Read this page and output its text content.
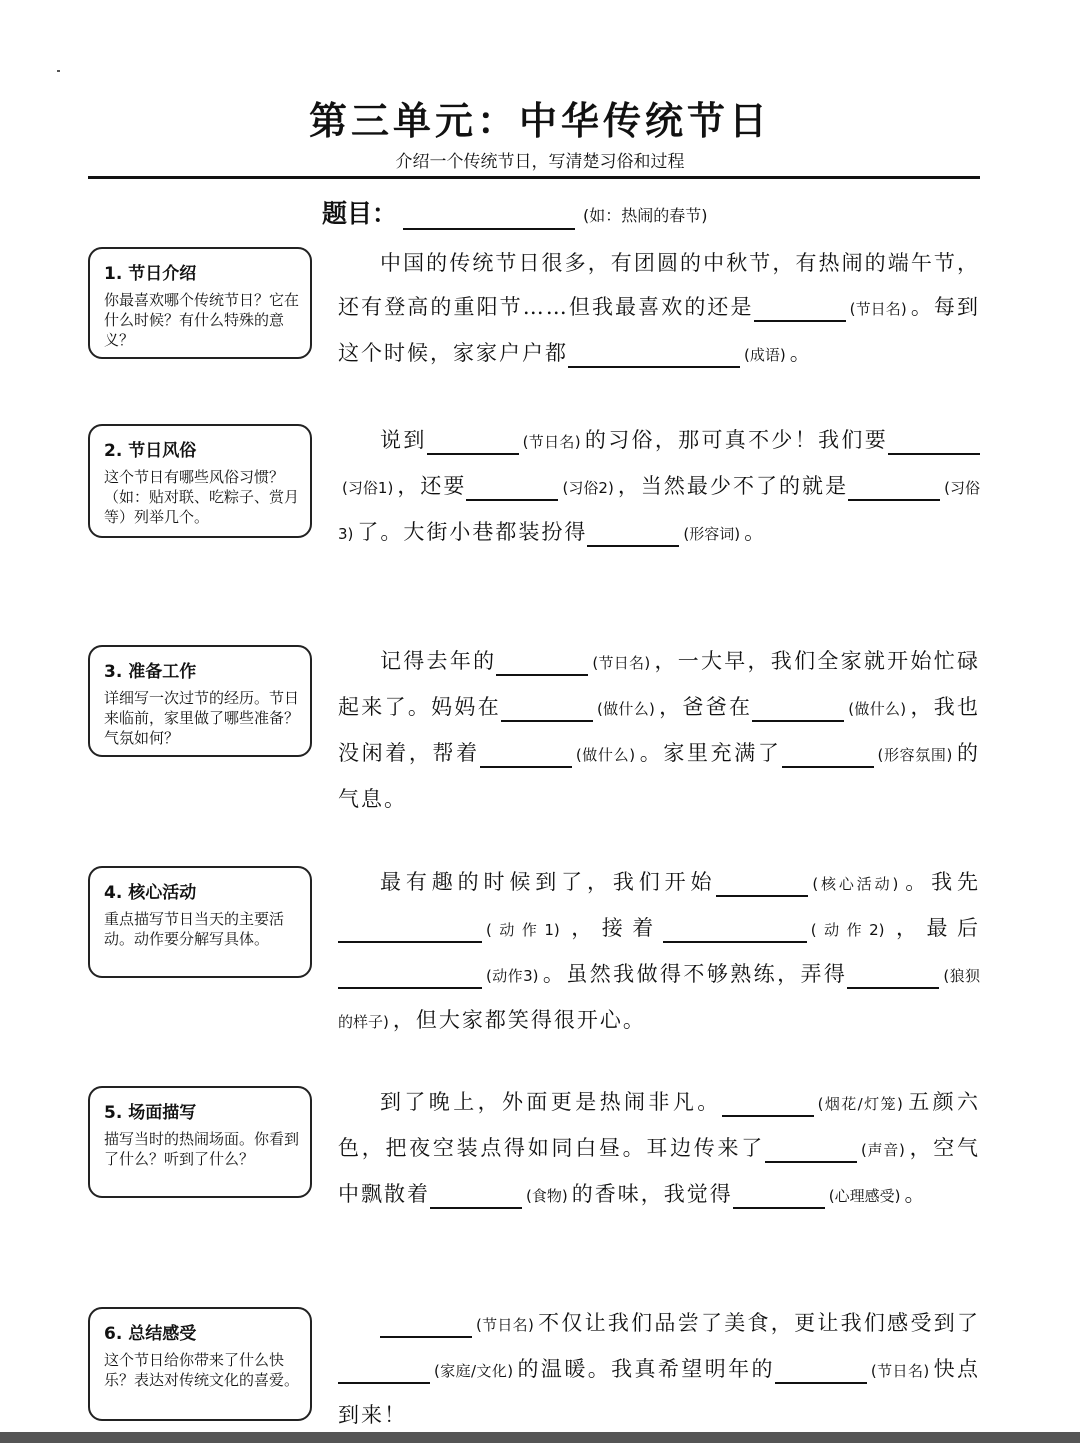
第三单元：中华传统节日
介绍一个传统节日，写清楚习俗和过程
题目：	(如：热闹的春节)
1. 节日介绍
你最喜欢哪个传统节日？它在什么时候？有什么特殊的意义？
中国的传统节日很多，有团圆的中秋节，有热闹的端午节，还有登高的重阳节……但我最喜欢的还是	(节日名) 。每到这个时候，家家户户都	(成语) 。
2. 节日风俗
这个节日有哪些风俗习惯？（如：贴对联、吃粽子、赏月等）列举几个。
说到	(节日名) 的习俗，那可真不少！我们要(习俗1) ，还要	(习俗2) ，当然最少不了的就是	(习俗3) 了。大街小巷都装扮得	(形容词) 。
3. 准备工作
详细写一次过节的经历。节日来临前，家里做了哪些准备？气氛如何？
记得去年的	(节日名) ，一大早，我们全家就开始忙碌起来了。妈妈在	(做什么) ，爸爸在	(做什么) ，我也没闲着，帮着	(做什么) 。家里充满了	(形容氛围) 的气息。
4. 核心活动
重点描写节日当天的主要活动。动作要分解写具体。
最有趣的时候到了，我们开始	(核心活动) 。我先(动作1) ，接着	(动作2) ，最后(动作3) 。虽然我做得不够熟练，弄得	(狼狈的样子) ，但大家都笑得很开心。
5. 场面描写
描写当时的热闹场面。你看到了什么？听到了什么？
到了晚上，外面更是热闹非凡。	(烟花/灯笼) 五颜六色，把夜空装点得如同白昼。耳边传来了	(声音) ，空气中飘散着	(食物) 的香味，我觉得	(心理感受) 。
6. 总结感受
这个节日给你带来了什么快乐？表达对传统文化的喜爱。
(节日名) 不仅让我们品尝了美食，更让我们感受到了(家庭/文化) 的温暖。我真希望明年的	(节日名) 快点到来！
